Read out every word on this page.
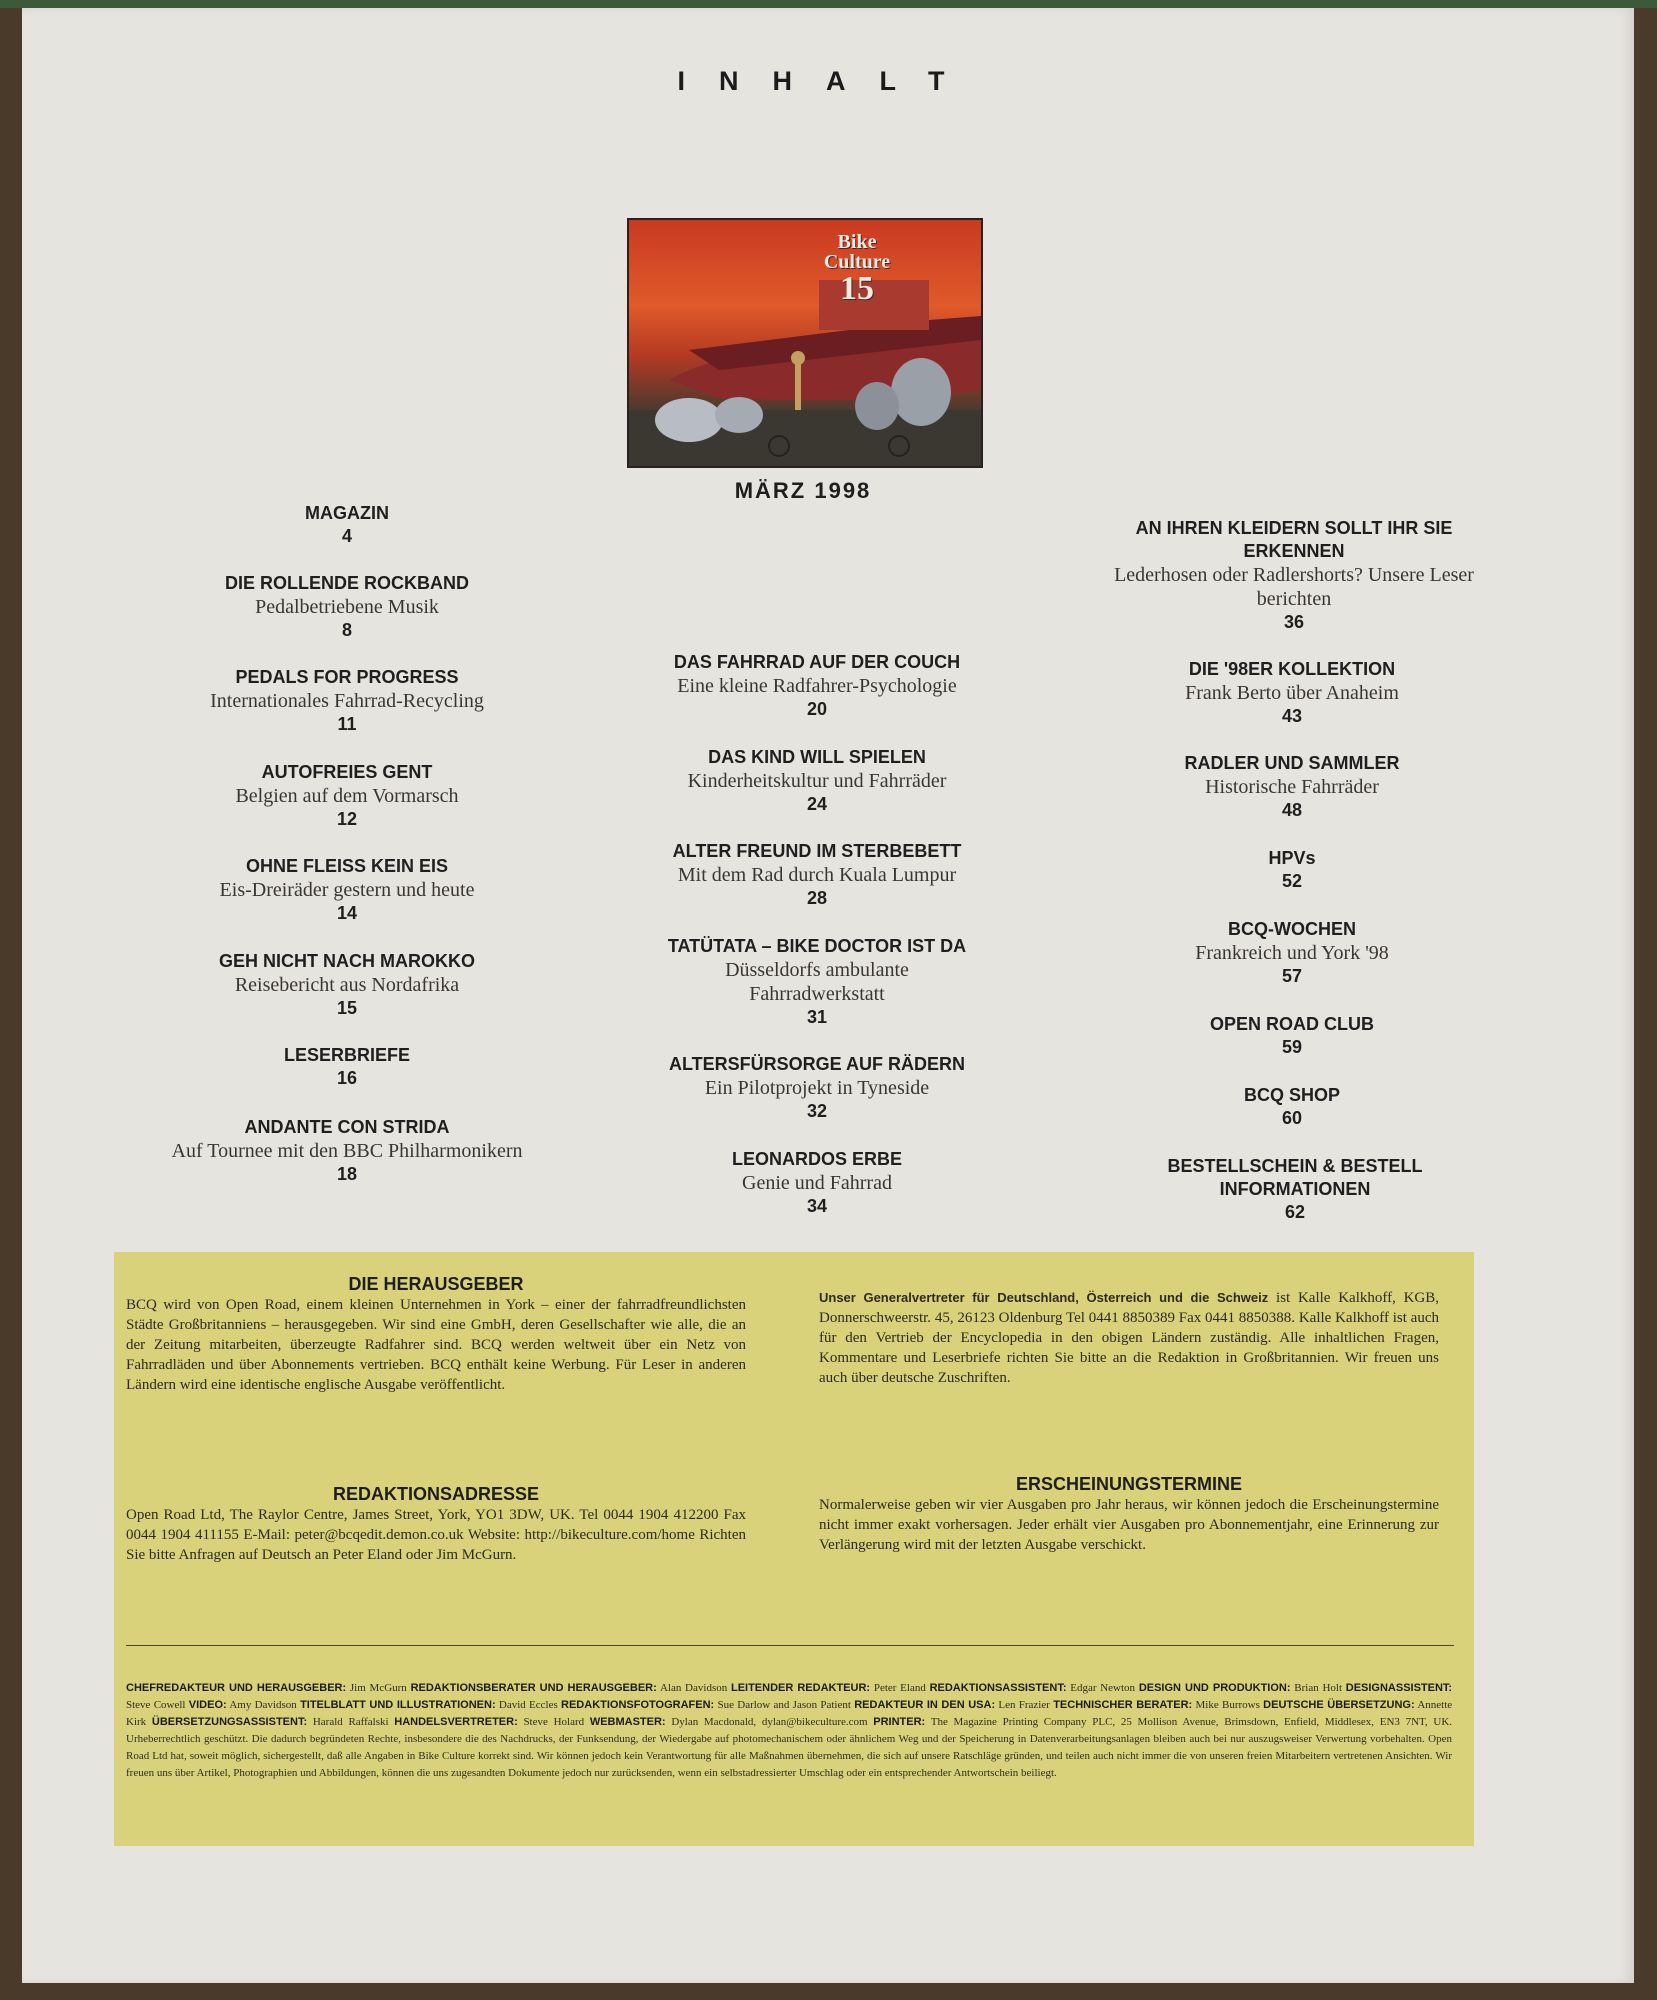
INHALT
Bike
Culture
15
MÄRZ 1998
MAGAZIN
4
DIE ROLLENDE ROCKBAND
Pedalbetriebene Musik
8
PEDALS FOR PROGRESS
Internationales Fahrrad-Recycling
11
AUTOFREIES GENT
Belgien auf dem Vormarsch
12
OHNE FLEISS KEIN EIS
Eis-Dreiräder gestern und heute
14
GEH NICHT NACH MAROKKO
Reisebericht aus Nordafrika
15
LESERBRIEFE
16
ANDANTE CON STRIDA
Auf Tournee mit den BBC Philharmonikern
18
DAS FAHRRAD AUF DER COUCH
Eine kleine Radfahrer-Psychologie
20
DAS KIND WILL SPIELEN
Kinderheitskultur und Fahrräder
24
ALTER FREUND IM STERBEBETT
Mit dem Rad durch Kuala Lumpur
28
TATÜTATA – BIKE DOCTOR IST DA
Düsseldorfs ambulante Fahrradwerkstatt
31
ALTERSFÜRSORGE AUF RÄDERN
Ein Pilotprojekt in Tyneside
32
LEONARDOS ERBE
Genie und Fahrrad
34
AN IHREN KLEIDERN SOLLT IHR SIE ERKENNEN
Lederhosen oder Radlershorts? Unsere Leser berichten
36
DIE '98ER KOLLEKTION
Frank Berto über Anaheim
43
RADLER UND SAMMLER
Historische Fahrräder
48
HPVs
52
BCQ-WOCHEN
Frankreich und York '98
57
OPEN ROAD CLUB
59
BCQ SHOP
60
BESTELLSCHEIN & BESTELL INFORMATIONEN
62
DIE HERAUSGEBER
BCQ wird von Open Road, einem kleinen Unternehmen in York – einer der fahrradfreundlichsten Städte Großbritanniens – herausgegeben. Wir sind eine GmbH, deren Gesellschafter wie alle, die an der Zeitung mitarbeiten, überzeugte Radfahrer sind. BCQ werden weltweit über ein Netz von Fahrradläden und über Abonnements vertrieben. BCQ enthält keine Werbung. Für Leser in anderen Ländern wird eine identische englische Ausgabe veröffentlicht.
REDAKTIONSADRESSE
Open Road Ltd, The Raylor Centre, James Street, York, YO1 3DW, UK. Tel 0044 1904 412200 Fax 0044 1904 411155 E-Mail: peter@bcqedit.demon.co.uk Website: http://bikeculture.com/home Richten Sie bitte Anfragen auf Deutsch an Peter Eland oder Jim McGurn.
Unser Generalvertreter für Deutschland, Österreich und die Schweiz ist Kalle Kalkhoff, KGB, Donnerschweerstr. 45, 26123 Oldenburg Tel 0441 8850389 Fax 0441 8850388. Kalle Kalkhoff ist auch für den Vertrieb der Encyclopedia in den obigen Ländern zuständig. Alle inhaltlichen Fragen, Kommentare und Leserbriefe richten Sie bitte an die Redaktion in Großbritannien. Wir freuen uns auch über deutsche Zuschriften.
ERSCHEINUNGSTERMINE
Normalerweise geben wir vier Ausgaben pro Jahr heraus, wir können jedoch die Erscheinungstermine nicht immer exakt vorhersagen. Jeder erhält vier Ausgaben pro Abonnementjahr, eine Erinnerung zur Verlängerung wird mit der letzten Ausgabe verschickt.
CHEFREDAKTEUR UND HERAUSGEBER: Jim McGurn REDAKTIONSBERATER UND HERAUSGEBER: Alan Davidson LEITENDER REDAKTEUR: Peter Eland REDAKTIONSASSISTENT: Edgar Newton DESIGN UND PRODUKTION: Brian Holt DESIGNASSISTENT: Steve Cowell VIDEO: Amy Davidson TITELBLATT UND ILLUSTRATIONEN: David Eccles REDAKTIONSFOTOGRAFEN: Sue Darlow and Jason Patient REDAKTEUR IN DEN USA: Len Frazier TECHNISCHER BERATER: Mike Burrows DEUTSCHE ÜBERSETZUNG: Annette Kirk ÜBERSETZUNGSASSISTENT: Harald Raffalski HANDELSVERTRETER: Steve Holard WEBMASTER: Dylan Macdonald, dylan@bikeculture.com PRINTER: The Magazine Printing Company PLC, 25 Mollison Avenue, Brimsdown, Enfield, Middlesex, EN3 7NT, UK. Urheberrechtlich geschützt. Die dadurch begründeten Rechte, insbesondere die des Nachdrucks, der Funksendung, der Wiedergabe auf photomechanischem oder ähnlichem Weg und der Speicherung in Datenverarbeitungsanlagen bleiben auch bei nur auszugsweiser Verwertung vorbehalten. Open Road Ltd hat, soweit möglich, sichergestellt, daß alle Angaben in Bike Culture korrekt sind. Wir können jedoch kein Verantwortung für alle Maßnahmen übernehmen, die sich auf unsere Ratschläge gründen, und teilen auch nicht immer die von unseren freien Mitarbeitern vertretenen Ansichten. Wir freuen uns über Artikel, Photographien und Abbildungen, können die uns zugesandten Dokumente jedoch nur zurücksenden, wenn ein selbstadressierter Umschlag oder ein entsprechender Antwortschein beiliegt.
